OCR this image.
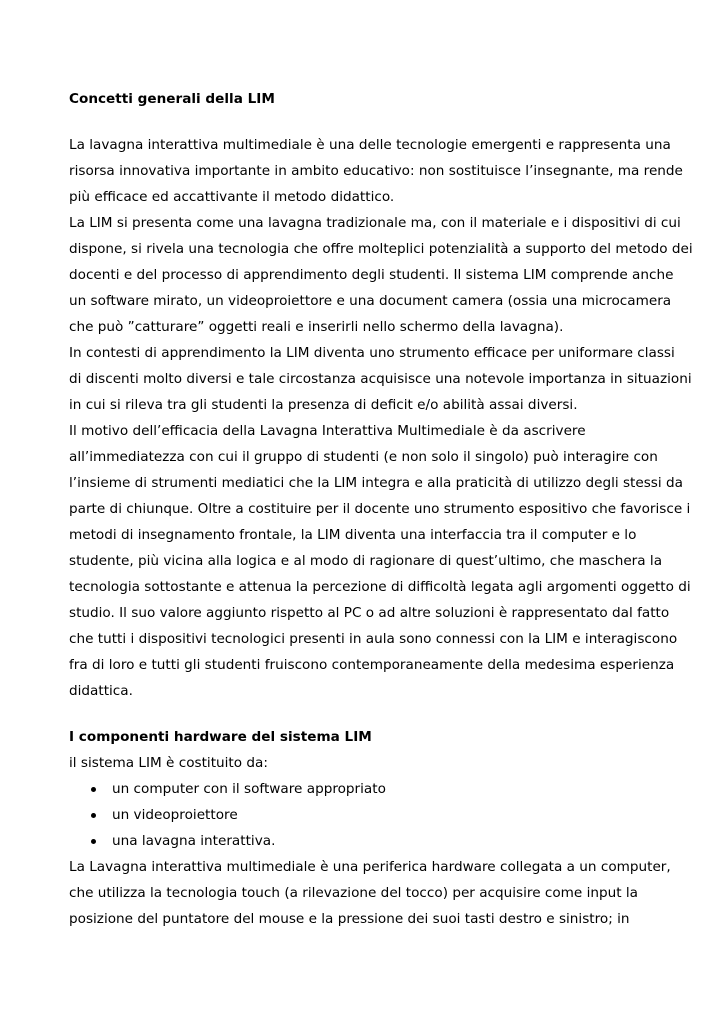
Concetti generali della LIM
La lavagna interattiva multimediale è una delle tecnologie emergenti e rappresenta una
risorsa innovativa importante in ambito educativo: non sostituisce l’insegnante, ma rende
più efficace ed accattivante il metodo didattico.
La LIM si presenta come una lavagna tradizionale ma, con il materiale e i dispositivi di cui
dispone, si rivela una tecnologia che offre molteplici potenzialità a supporto del metodo dei
docenti e del processo di apprendimento degli studenti. Il sistema LIM comprende anche
un software mirato, un videoproiettore e una document camera (ossia una microcamera
che può ”catturare” oggetti reali e inserirli nello schermo della lavagna).
In contesti di apprendimento la LIM diventa uno strumento efficace per uniformare classi
di discenti molto diversi e tale circostanza acquisisce una notevole importanza in situazioni
in cui si rileva tra gli studenti la presenza di deficit e/o abilità assai diversi.
Il motivo dell’efficacia della Lavagna Interattiva Multimediale è da ascrivere
all’immediatezza con cui il gruppo di studenti (e non solo il singolo) può interagire con
l’insieme di strumenti mediatici che la LIM integra e alla praticità di utilizzo degli stessi da
parte di chiunque. Oltre a costituire per il docente uno strumento espositivo che favorisce i
metodi di insegnamento frontale, la LIM diventa una interfaccia tra il computer e lo
studente, più vicina alla logica e al modo di ragionare di quest’ultimo, che maschera la
tecnologia sottostante e attenua la percezione di difficoltà legata agli argomenti oggetto di
studio. Il suo valore aggiunto rispetto al PC o ad altre soluzioni è rappresentato dal fatto
che tutti i dispositivi tecnologici presenti in aula sono connessi con la LIM e interagiscono
fra di loro e tutti gli studenti fruiscono contemporaneamente della medesima esperienza
didattica.
I componenti hardware del sistema LIM
il sistema LIM è costituito da:
un computer con il software appropriato
un videoproiettore
una lavagna interattiva.
La Lavagna interattiva multimediale è una periferica hardware collegata a un computer,
che utilizza la tecnologia touch (a rilevazione del tocco) per acquisire come input la
posizione del puntatore del mouse e la pressione dei suoi tasti destro e sinistro; in
